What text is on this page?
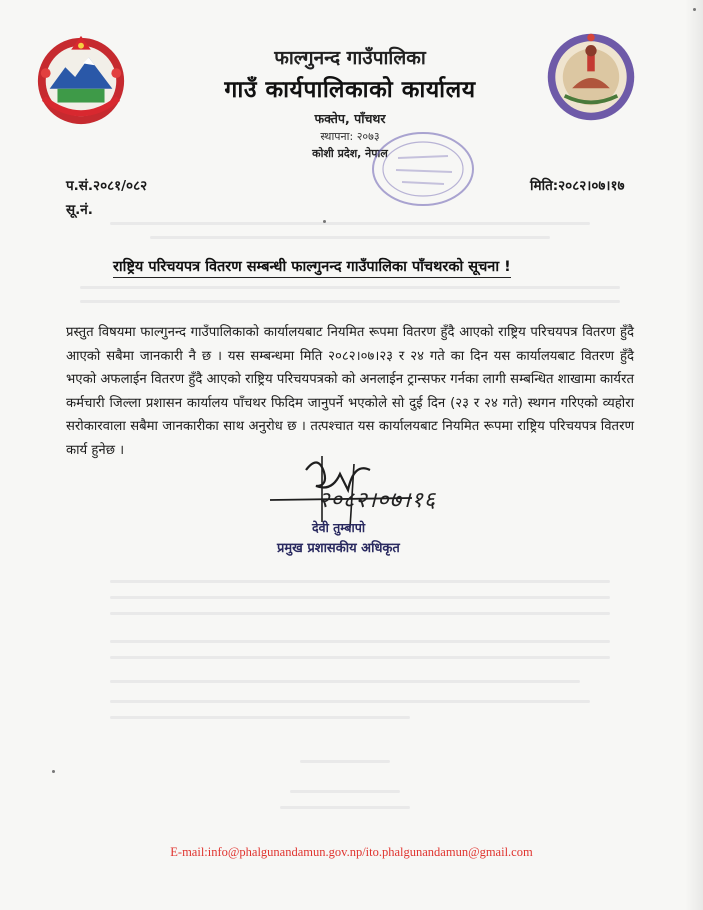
फाल्गुनन्द गाउँपालिका
गाउँ कार्यपालिकाको कार्यालय
फक्तेप, पाँचथर
स्थापना: २०७३
कोशी प्रदेश, नेपाल
प.सं.२०८१/०८२
सू.नं.
मिति:२०८२।०७।१७
राष्ट्रिय परिचयपत्र वितरण सम्बन्धी फाल्गुनन्द गाउँपालिका पाँचथरको सूचना !
प्रस्तुत विषयमा फाल्गुनन्द गाउँपालिकाको कार्यालयबाट नियमित रूपमा वितरण हुँदै आएको राष्ट्रिय परिचयपत्र वितरण हुँदै आएको सबैमा जानकारी नै छ । यस सम्बन्धमा मिति २०८२।०७।२३ र २४ गते का दिन यस कार्यालयबाट वितरण हुँदै भएको अफलाईन वितरण हुँदै आएको राष्ट्रिय परिचयपत्रको को अनलाईन ट्रान्सफर गर्नका लागी सम्बन्धित शाखामा कार्यरत कर्मचारी जिल्ला प्रशासन कार्यालय पाँचथर फिदिम जानुपर्ने भएकोले सो दुई दिन (२३ र २४ गते) स्थगन गरिएको व्यहोरा सरोकारवाला सबैमा जानकारीका साथ अनुरोध छ । तत्पश्चात यस कार्यालयबाट नियमित रूपमा राष्ट्रिय परिचयपत्र वितरण कार्य हुनेछ ।
२०८२।०७।१६
देवी तुम्बापो
प्रमुख प्रशासकीय अधिकृत
E-mail:info@phalgunandamun.gov.np/ito.phalgunandamun@gmail.com
